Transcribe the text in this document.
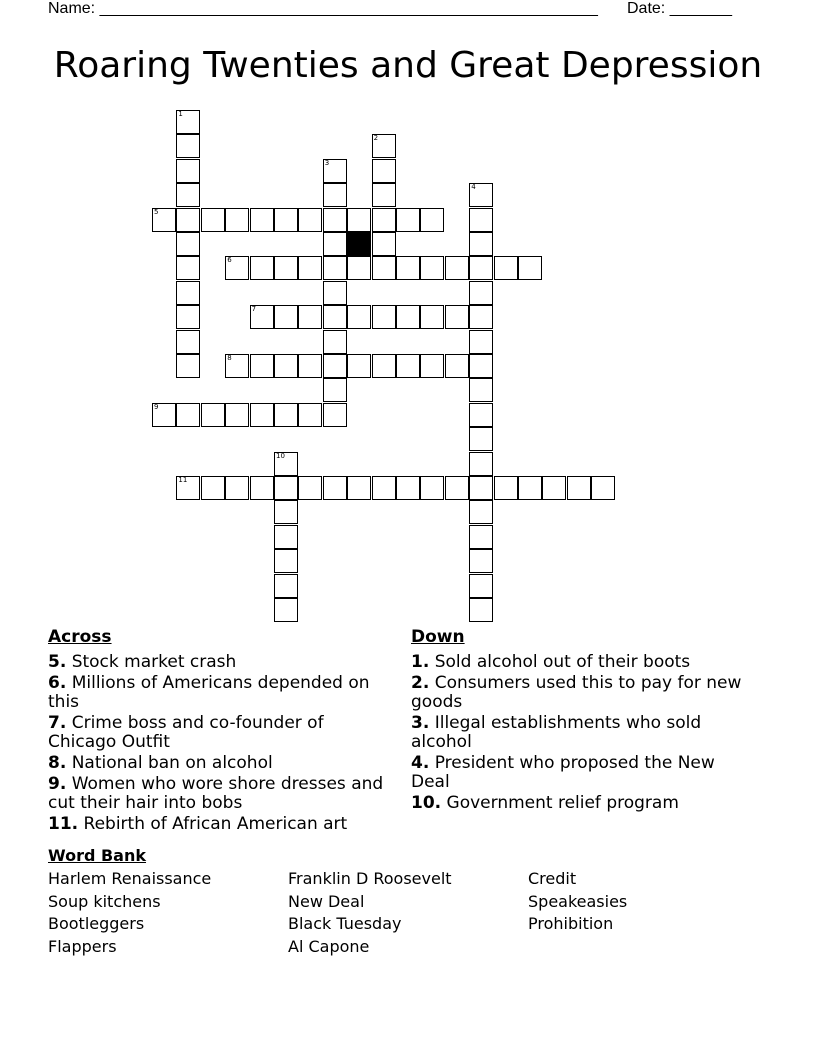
Name: ________________________________________________________ Date: _______
Roaring Twenties and Great Depression
1
2
3
4
5
6
7
8
9
10
11
Across
5. Stock market crash
6. Millions of Americans depended on this
7. Crime boss and co-founder of Chicago Outfit
8. National ban on alcohol
9. Women who wore shore dresses and cut their hair into bobs
11. Rebirth of African American art
Down
1. Sold alcohol out of their boots
2. Consumers used this to pay for new goods
3. Illegal establishments who sold alcohol
4. President who proposed the New Deal
10. Government relief program
Word Bank
Harlem Renaissance
Soup kitchens
Bootleggers
Flappers
Franklin D Roosevelt
New Deal
Black Tuesday
Al Capone
Credit
Speakeasies
Prohibition
